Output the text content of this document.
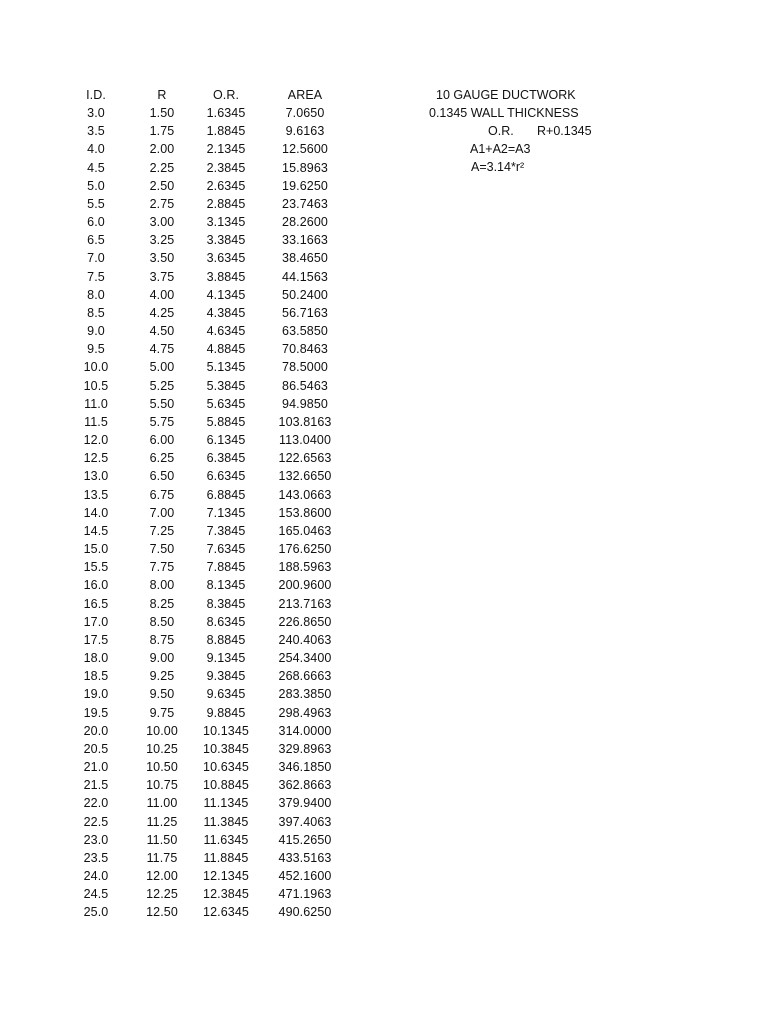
I.D.	R	O.R.	AREA
3.0	1.50	1.6345	7.0650
3.5	1.75	1.8845	9.6163
4.0	2.00	2.1345	12.5600
4.5	2.25	2.3845	15.8963
5.0	2.50	2.6345	19.6250
5.5	2.75	2.8845	23.7463
6.0	3.00	3.1345	28.2600
6.5	3.25	3.3845	33.1663
7.0	3.50	3.6345	38.4650
7.5	3.75	3.8845	44.1563
8.0	4.00	4.1345	50.2400
8.5	4.25	4.3845	56.7163
9.0	4.50	4.6345	63.5850
9.5	4.75	4.8845	70.8463
10.0	5.00	5.1345	78.5000
10.5	5.25	5.3845	86.5463
11.0	5.50	5.6345	94.9850
11.5	5.75	5.8845	103.8163
12.0	6.00	6.1345	113.0400
12.5	6.25	6.3845	122.6563
13.0	6.50	6.6345	132.6650
13.5	6.75	6.8845	143.0663
14.0	7.00	7.1345	153.8600
14.5	7.25	7.3845	165.0463
15.0	7.50	7.6345	176.6250
15.5	7.75	7.8845	188.5963
16.0	8.00	8.1345	200.9600
16.5	8.25	8.3845	213.7163
17.0	8.50	8.6345	226.8650
17.5	8.75	8.8845	240.4063
18.0	9.00	9.1345	254.3400
18.5	9.25	9.3845	268.6663
19.0	9.50	9.6345	283.3850
19.5	9.75	9.8845	298.4963
20.0	10.00	10.1345	314.0000
20.5	10.25	10.3845	329.8963
21.0	10.50	10.6345	346.1850
21.5	10.75	10.8845	362.8663
22.0	11.00	11.1345	379.9400
22.5	11.25	11.3845	397.4063
23.0	11.50	11.6345	415.2650
23.5	11.75	11.8845	433.5163
24.0	12.00	12.1345	452.1600
24.5	12.25	12.3845	471.1963
25.0	12.50	12.6345	490.6250
10 GAUGE DUCTWORK
0.1345 WALL THICKNESS
O.R. R+0.1345
A1+A2=A3
A=3.14*r²
